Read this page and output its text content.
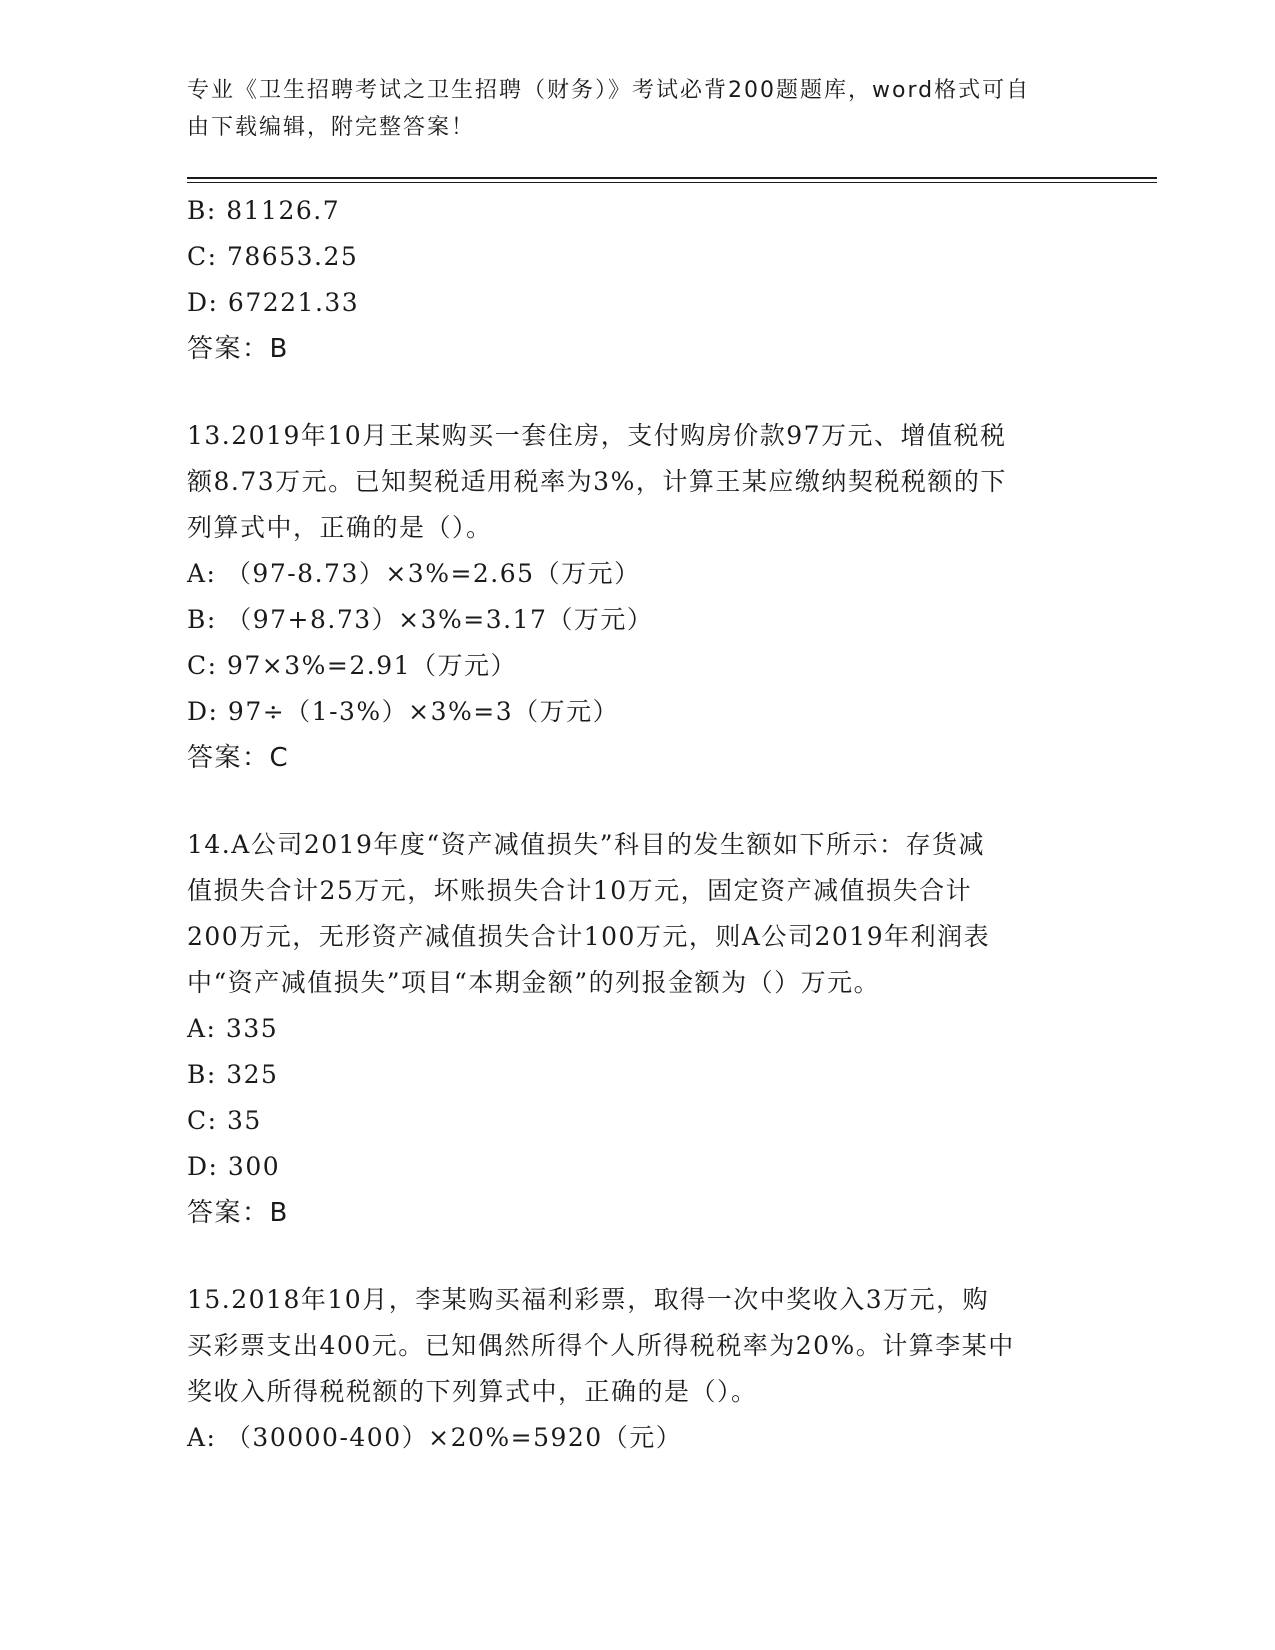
专业《卫生招聘考试之卫生招聘（财务）》考试必背200题题库，word格式可自
由下载编辑，附完整答案！
B: 81126.7
C: 78653.25
D: 67221.33
答案：B
13.2019年10月王某购买一套住房，支付购房价款97万元、增值税税
额8.73万元。已知契税适用税率为3%，计算王某应缴纳契税税额的下
列算式中，正确的是（）。
A: （97-8.73）×3%=2.65（万元）
B: （97+8.73）×3%=3.17（万元）
C: 97×3%=2.91（万元）
D: 97÷（1-3%）×3%=3（万元）
答案：C
14.A公司2019年度“资产减值损失”科目的发生额如下所示：存货减
值损失合计25万元，坏账损失合计10万元，固定资产减值损失合计
200万元，无形资产减值损失合计100万元，则A公司2019年利润表
中“资产减值损失”项目“本期金额”的列报金额为（）万元。
A: 335
B: 325
C: 35
D: 300
答案：B
15.2018年10月，李某购买福利彩票，取得一次中奖收入3万元，购
买彩票支出400元。已知偶然所得个人所得税税率为20%。计算李某中
奖收入所得税税额的下列算式中，正确的是（）。
A: （30000-400）×20%=5920（元）
